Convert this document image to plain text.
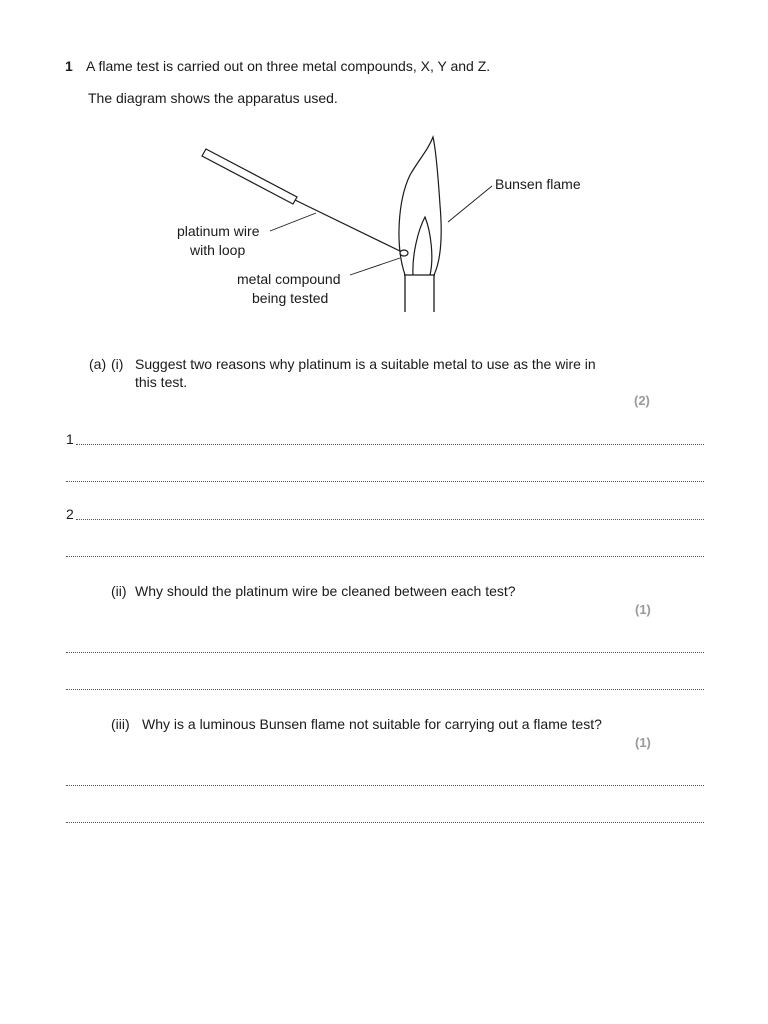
1 A flame test is carried out on three metal compounds, X, Y and Z.
The diagram shows the apparatus used.
Bunsen flame
platinum wire
with loop
metal compound
being tested
(a) (i) Suggest two reasons why platinum is a suitable metal to use as the wire in
this test.
(2)
1
2
(ii) Why should the platinum wire be cleaned between each test?
(1)
(iii) Why is a luminous Bunsen flame not suitable for carrying out a flame test?
(1)
